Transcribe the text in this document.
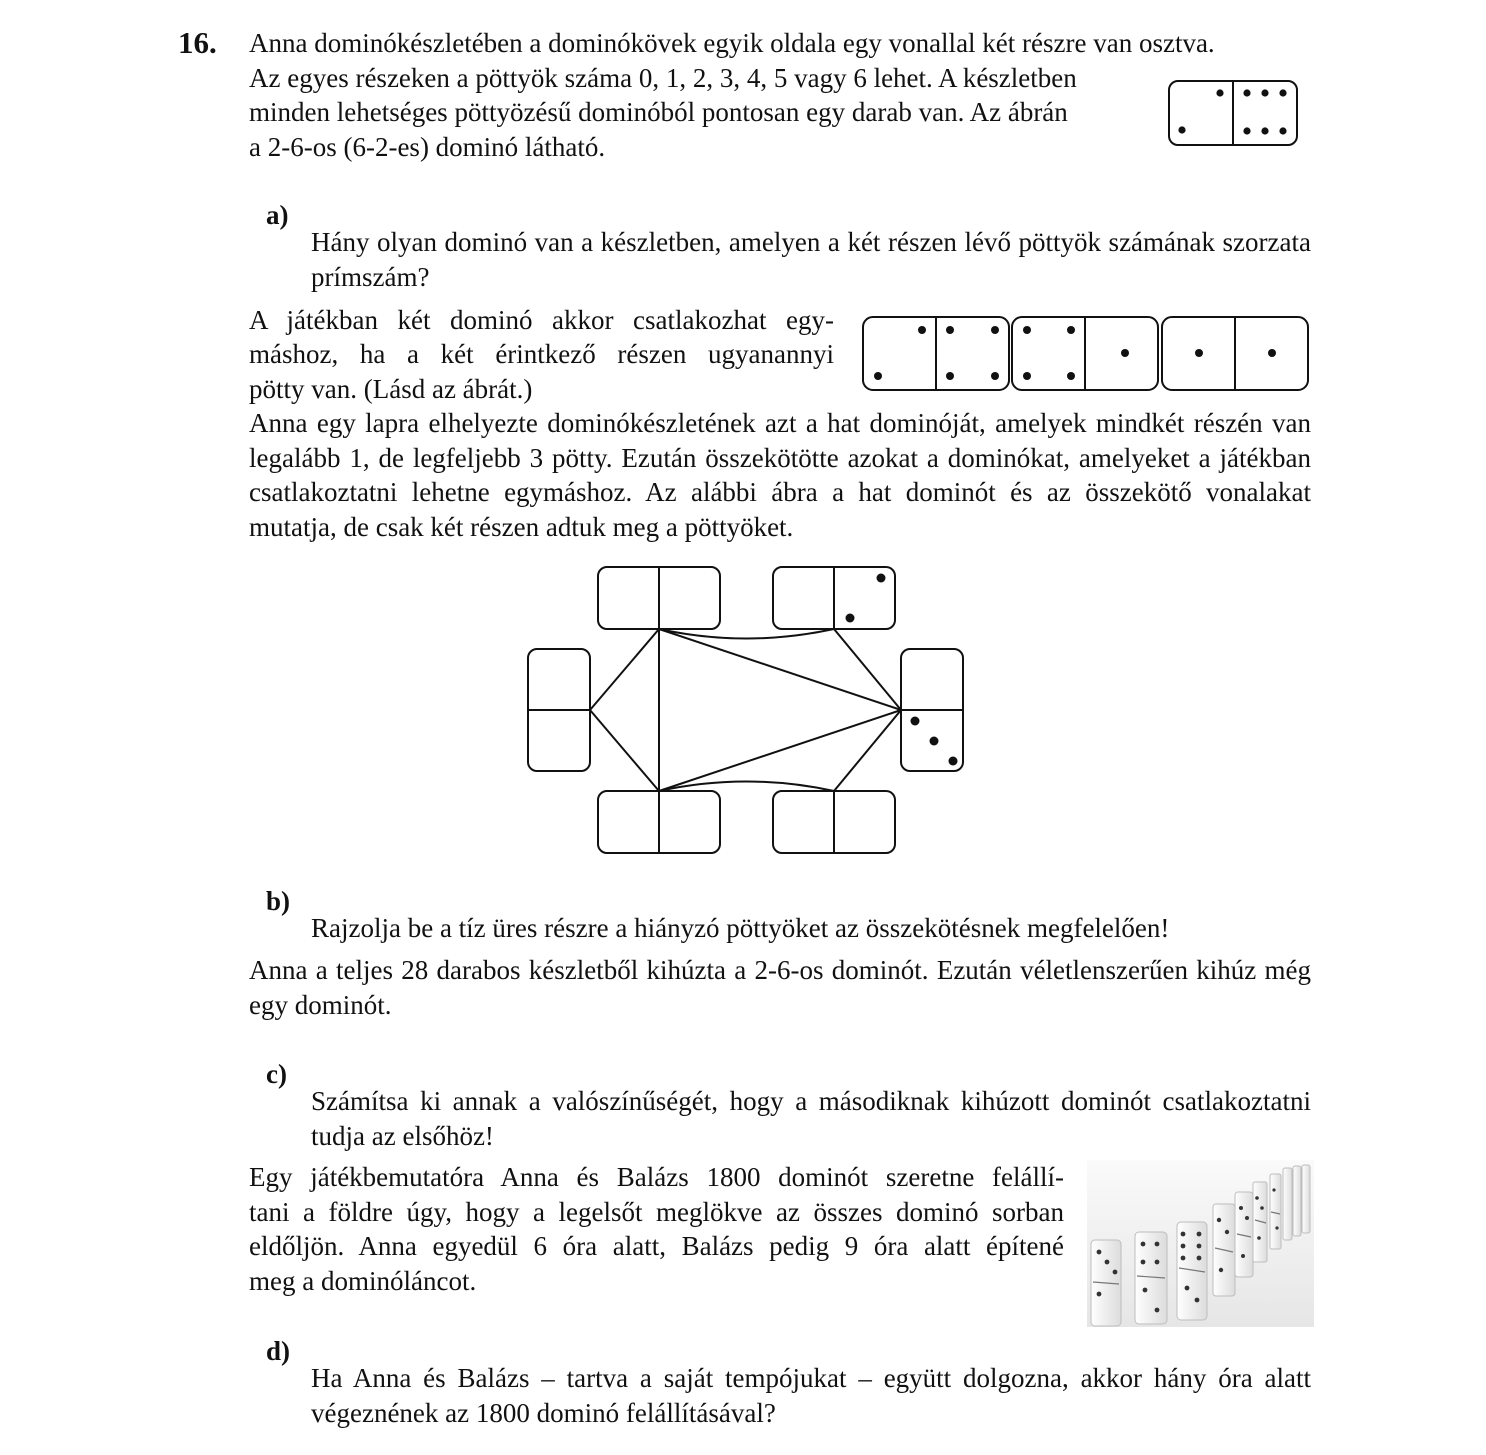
16. Anna dominókészletében a dominókövek egyik oldala egy vonallal két részre van osztva.

Az egyes részeken a pöttyök száma 0, 1, 2, 3, 4, 5 vagy 6 lehet. A készletben

minden lehetséges pöttyözésű dominóból pontosan egy darab van. Az ábrán

a 2-6-os (6-2-es) dominó látható.

a)

Hány olyan dominó van a készletben, amelyen a két részen lévő pöttyök számának szorzata prímszám?

A játékban két dominó akkor csatlakozhat egy-

máshoz, ha a két érintkező részen ugyanannyi

pötty van. (Lásd az ábrát.)

Anna egy lapra elhelyezte dominókészletének azt a hat dominóját, amelyek mindkét részén van legalább 1, de legfeljebb 3 pötty. Ezután összekötötte azokat a dominókat, amelyeket a játékban csatlakoztatni lehetne egymáshoz. Az alábbi ábra a hat dominót és az összekötő vonalakat mutatja, de csak két részen adtuk meg a pöttyöket.

b)

Rajzolja be a tíz üres részre a hiányzó pöttyöket az összekötésnek megfelelően!

Anna a teljes 28 darabos készletből kihúzta a 2-6-os dominót. Ezután véletlenszerűen kihúz még egy dominót.

c)

Számítsa ki annak a valószínűségét, hogy a másodiknak kihúzott dominót csatlakoztatni tudja az elsőhöz!

Egy játékbemutatóra Anna és Balázs 1800 dominót szeretne felállí-

tani a földre úgy, hogy a legelsőt meglökve az összes dominó sorban

eldőljön. Anna egyedül 6 óra alatt, Balázs pedig 9 óra alatt építené

meg a dominóláncot.

d)

Ha Anna és Balázs – tartva a saját tempójukat – együtt dolgozna, akkor hány óra alatt végeznének az 1800 dominó felállításával?
